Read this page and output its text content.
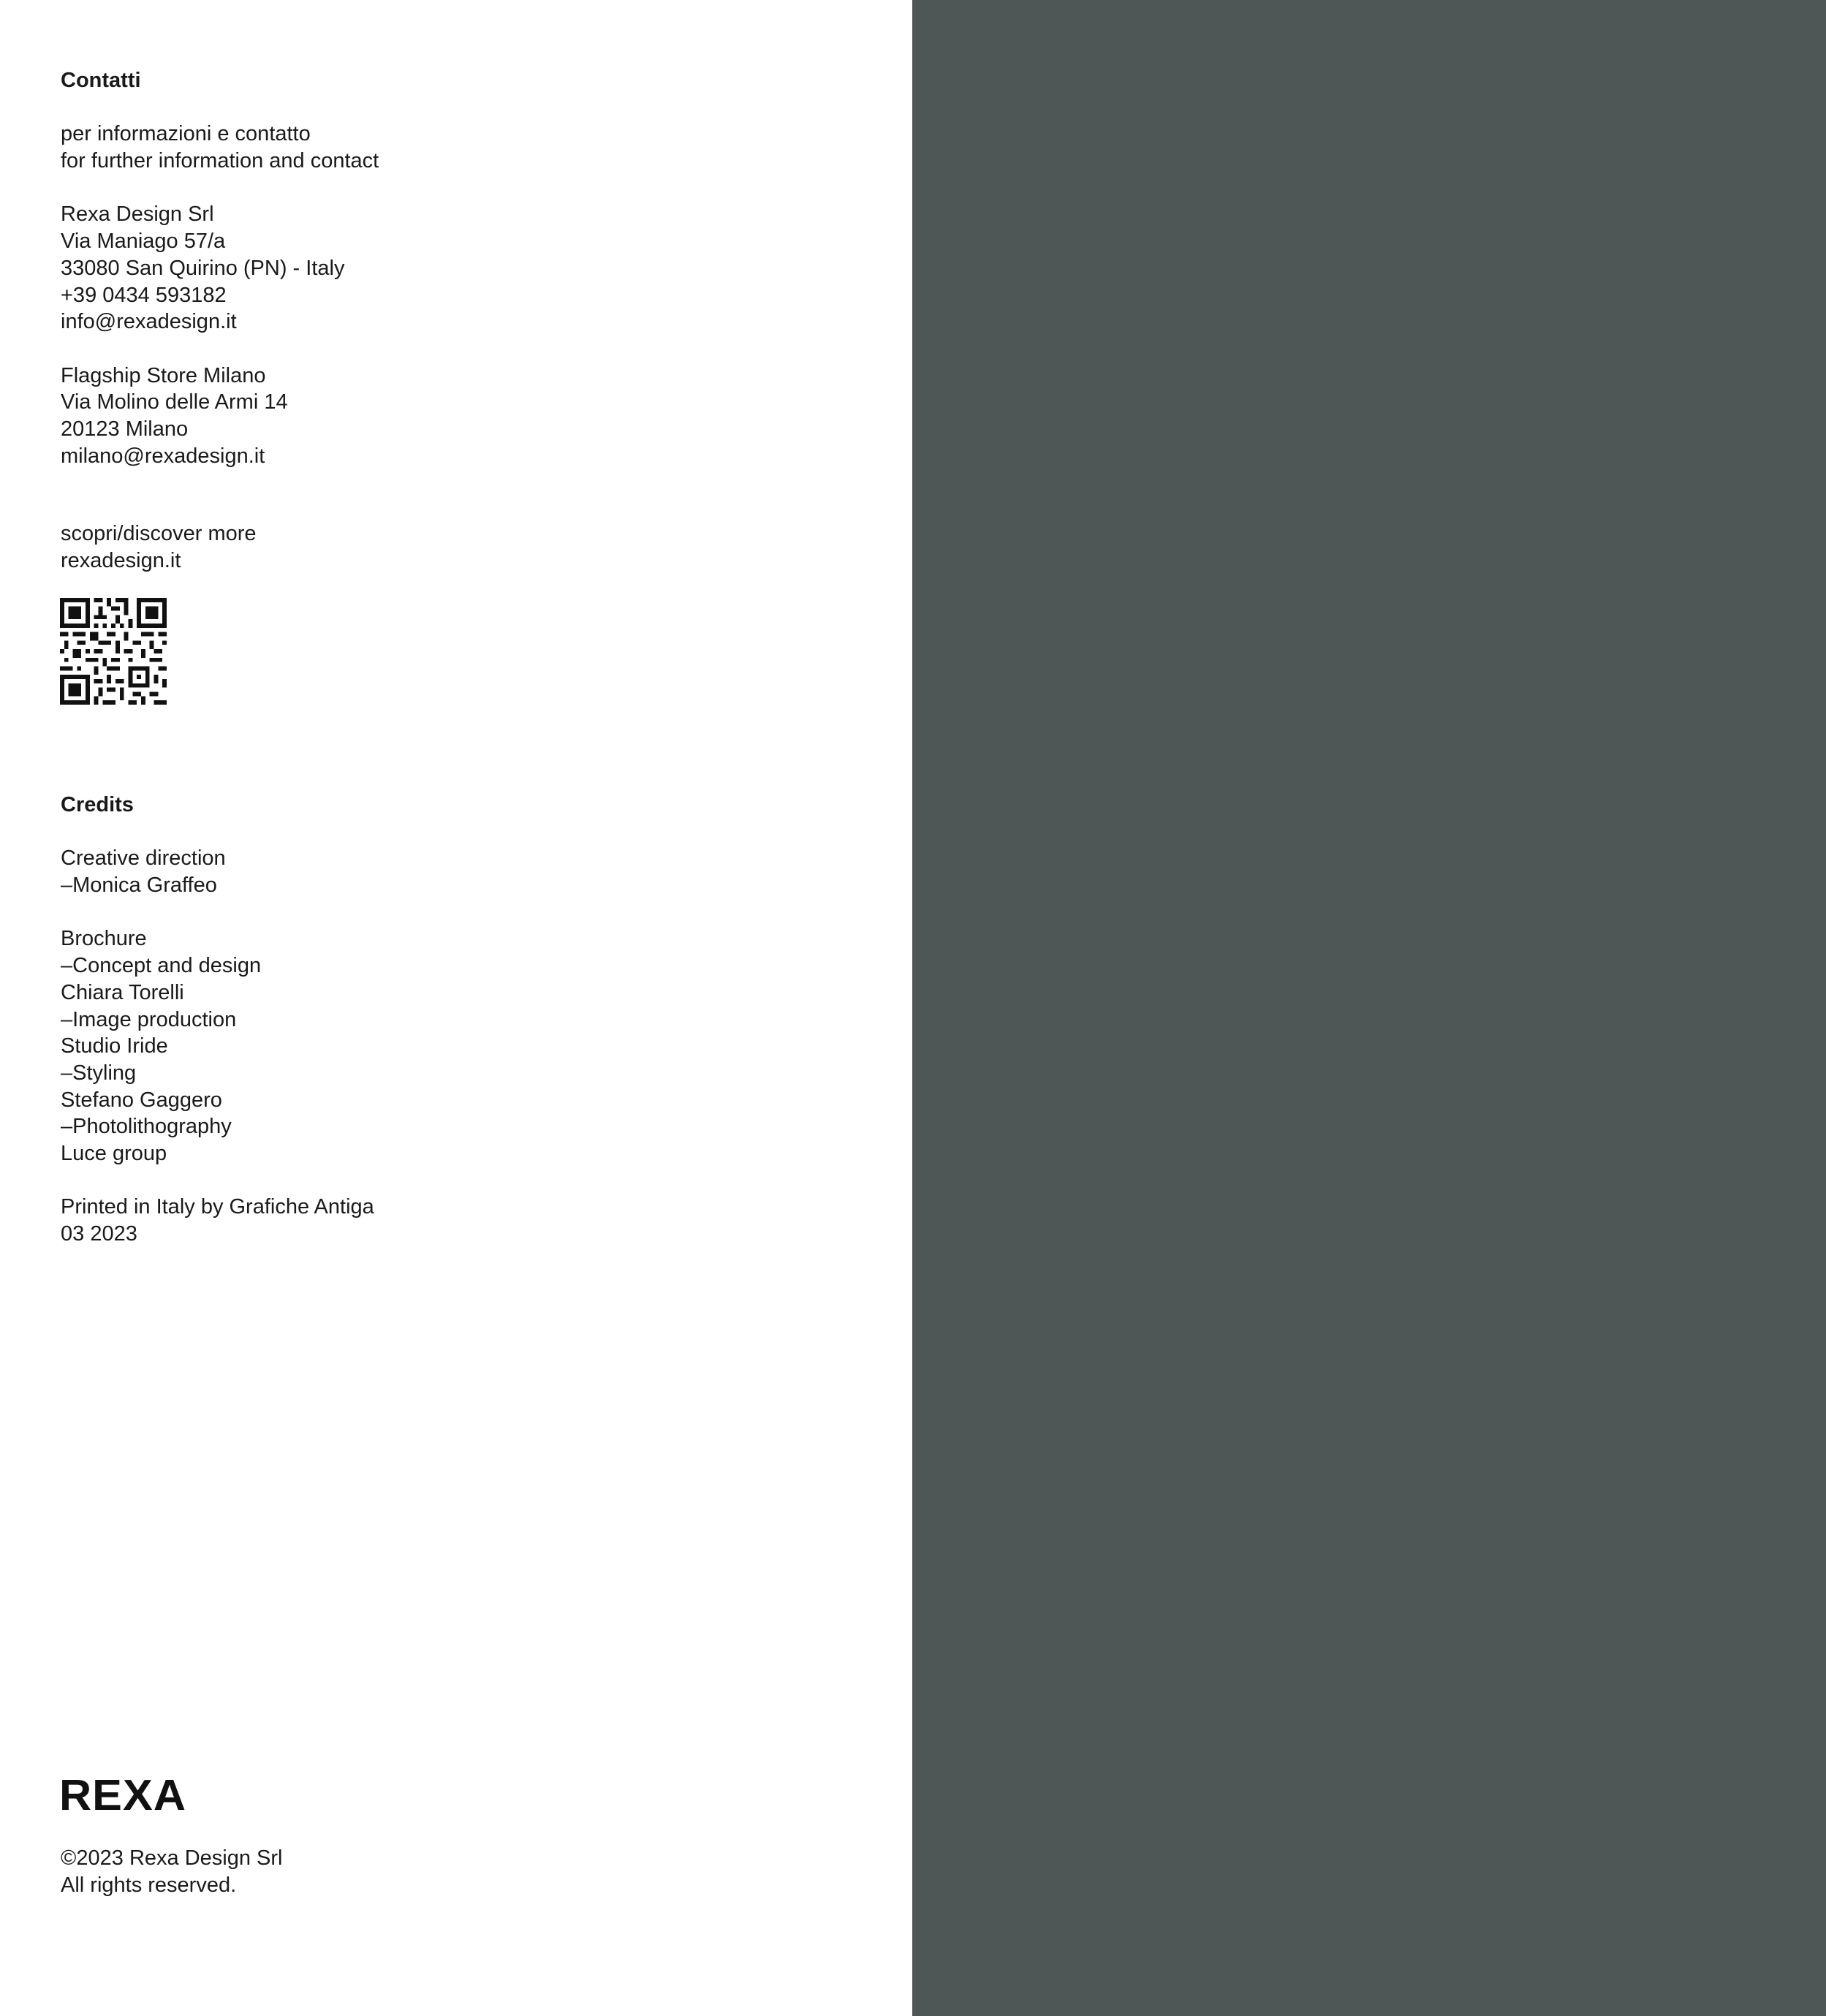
Contatti
per informazioni e contatto
for further information and contact
Rexa Design Srl
Via Maniago 57/a
33080 San Quirino (PN) - Italy
+39 0434 593182
info@rexadesign.it
Flagship Store Milano
Via Molino delle Armi 14
20123 Milano
milano@rexadesign.it
scopri/discover more
rexadesign.it
Credits
Creative direction
–Monica Graffeo
Brochure
–Concept and design
Chiara Torelli
–Image production
Studio Iride
–Styling
Stefano Gaggero
–Photolithography
Luce group
Printed in Italy by Grafiche Antiga
03 2023
REXA
©2023 Rexa Design Srl
All rights reserved.
